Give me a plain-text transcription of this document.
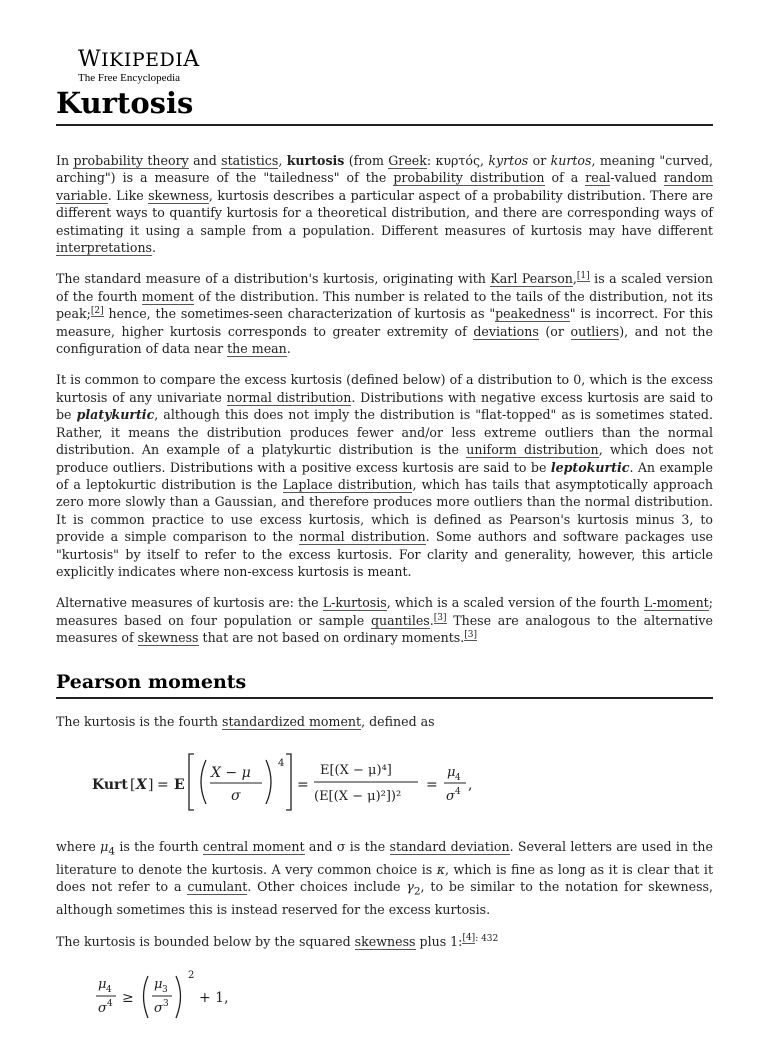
WIKIPEDIA
The Free Encyclopedia
Kurtosis

In probability theory and statistics, kurtosis (from Greek: κυρτός, kyrtos or kurtos, meaning "curved, arching") is a measure of the "tailedness" of the probability distribution of a real-valued random variable. Like skewness, kurtosis describes a particular aspect of a probability distribution. There are different ways to quantify kurtosis for a theoretical distribution, and there are corresponding ways of estimating it using a sample from a population. Different measures of kurtosis may have different interpretations.

The standard measure of a distribution's kurtosis, originating with Karl Pearson,[1] is a scaled version of the fourth moment of the distribution. This number is related to the tails of the distribution, not its peak;[2] hence, the sometimes-seen characterization of kurtosis as "peakedness" is incorrect. For this measure, higher kurtosis corresponds to greater extremity of deviations (or outliers), and not the configuration of data near the mean.

It is common to compare the excess kurtosis (defined below) of a distribution to 0, which is the excess kurtosis of any univariate normal distribution. Distributions with negative excess kurtosis are said to be platykurtic, although this does not imply the distribution is "flat-topped" as is sometimes stated. Rather, it means the distribution produces fewer and/or less extreme outliers than the normal distribution. An example of a platykurtic distribution is the uniform distribution, which does not produce outliers. Distributions with a positive excess kurtosis are said to be leptokurtic. An example of a leptokurtic distribution is the Laplace distribution, which has tails that asymptotically approach zero more slowly than a Gaussian, and therefore produces more outliers than the normal distribution. It is common practice to use excess kurtosis, which is defined as Pearson's kurtosis minus 3, to provide a simple comparison to the normal distribution. Some authors and software packages use "kurtosis" by itself to refer to the excess kurtosis. For clarity and generality, however, this article explicitly indicates where non-excess kurtosis is meant.

Alternative measures of kurtosis are: the L-kurtosis, which is a scaled version of the fourth L-moment; measures based on four population or sample quantiles.[3] These are analogous to the alternative measures of skewness that are not based on ordinary moments.[3]

Pearson moments

The kurtosis is the fourth standardized moment, defined as

Kurt [ X ] = E
X − μ
σ
4
=
E[(X − μ)⁴]
(E[(X − μ)²])²
=
μ 4
σ 4 ,

where $\mu_4$ is the fourth central moment and σ is the standard deviation. Several letters are used in the literature to denote the kurtosis. A very common choice is κ, which is fine as long as it is clear that it does not refer to a cumulant. Other choices include $\gamma_2$, to be similar to the notation for skewness, although sometimes this is instead reserved for the excess kurtosis.

The kurtosis is bounded below by the squared skewness plus 1:$^{[4]: 432}$

μ 4
σ 4 ≥
μ 3
σ 3
2
+ 1,
